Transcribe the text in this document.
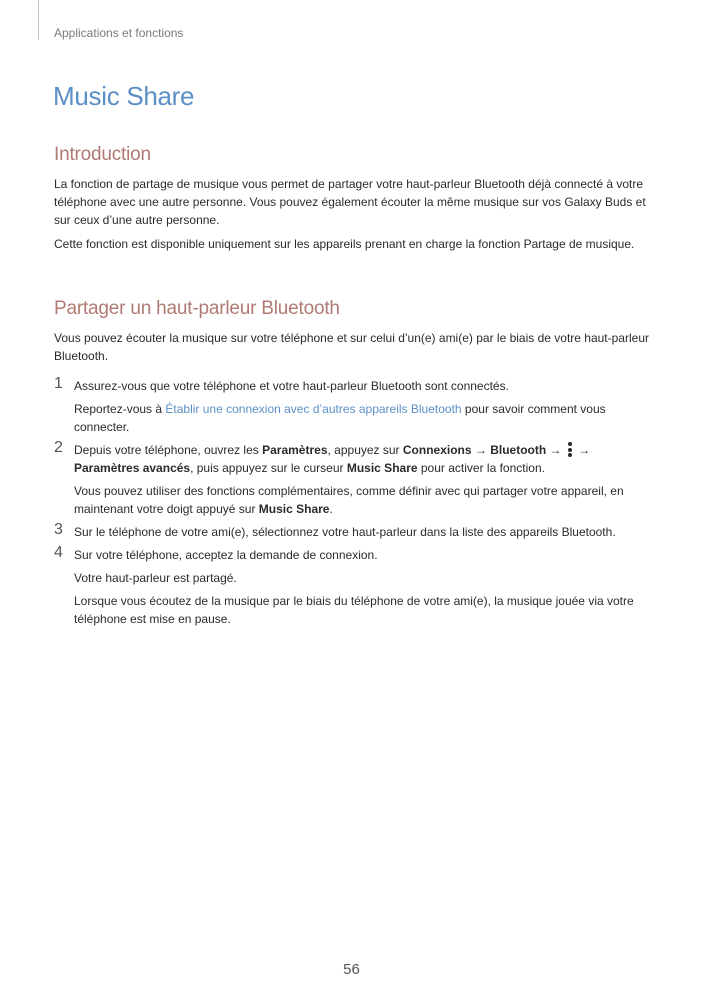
Applications et fonctions
Music Share
Introduction

La fonction de partage de musique vous permet de partager votre haut-parleur Bluetooth déjà connecté à votre téléphone avec une autre personne. Vous pouvez également écouter la même musique sur vos Galaxy Buds et sur ceux d’une autre personne.

Cette fonction est disponible uniquement sur les appareils prenant en charge la fonction Partage de musique.

Partager un haut-parleur Bluetooth

Vous pouvez écouter la musique sur votre téléphone et sur celui d’un(e) ami(e) par le biais de votre haut-parleur Bluetooth.

1 Assurez-vous que votre téléphone et votre haut-parleur Bluetooth sont connectés.

Reportez-vous à Établir une connexion avec d’autres appareils Bluetooth pour savoir comment vous connecter.

2 Depuis votre téléphone, ouvrez les Paramètres, appuyez sur Connexions → Bluetooth →
→ Paramètres avancés, puis appuyez sur le curseur Music Share pour activer la fonction.

Vous pouvez utiliser des fonctions complémentaires, comme définir avec qui partager votre appareil, en maintenant votre doigt appuyé sur Music Share.

3 Sur le téléphone de votre ami(e), sélectionnez votre haut-parleur dans la liste des appareils Bluetooth.

4 Sur votre téléphone, acceptez la demande de connexion.

Votre haut-parleur est partagé.

Lorsque vous écoutez de la musique par le biais du téléphone de votre ami(e), la musique jouée via votre téléphone est mise en pause.

56
